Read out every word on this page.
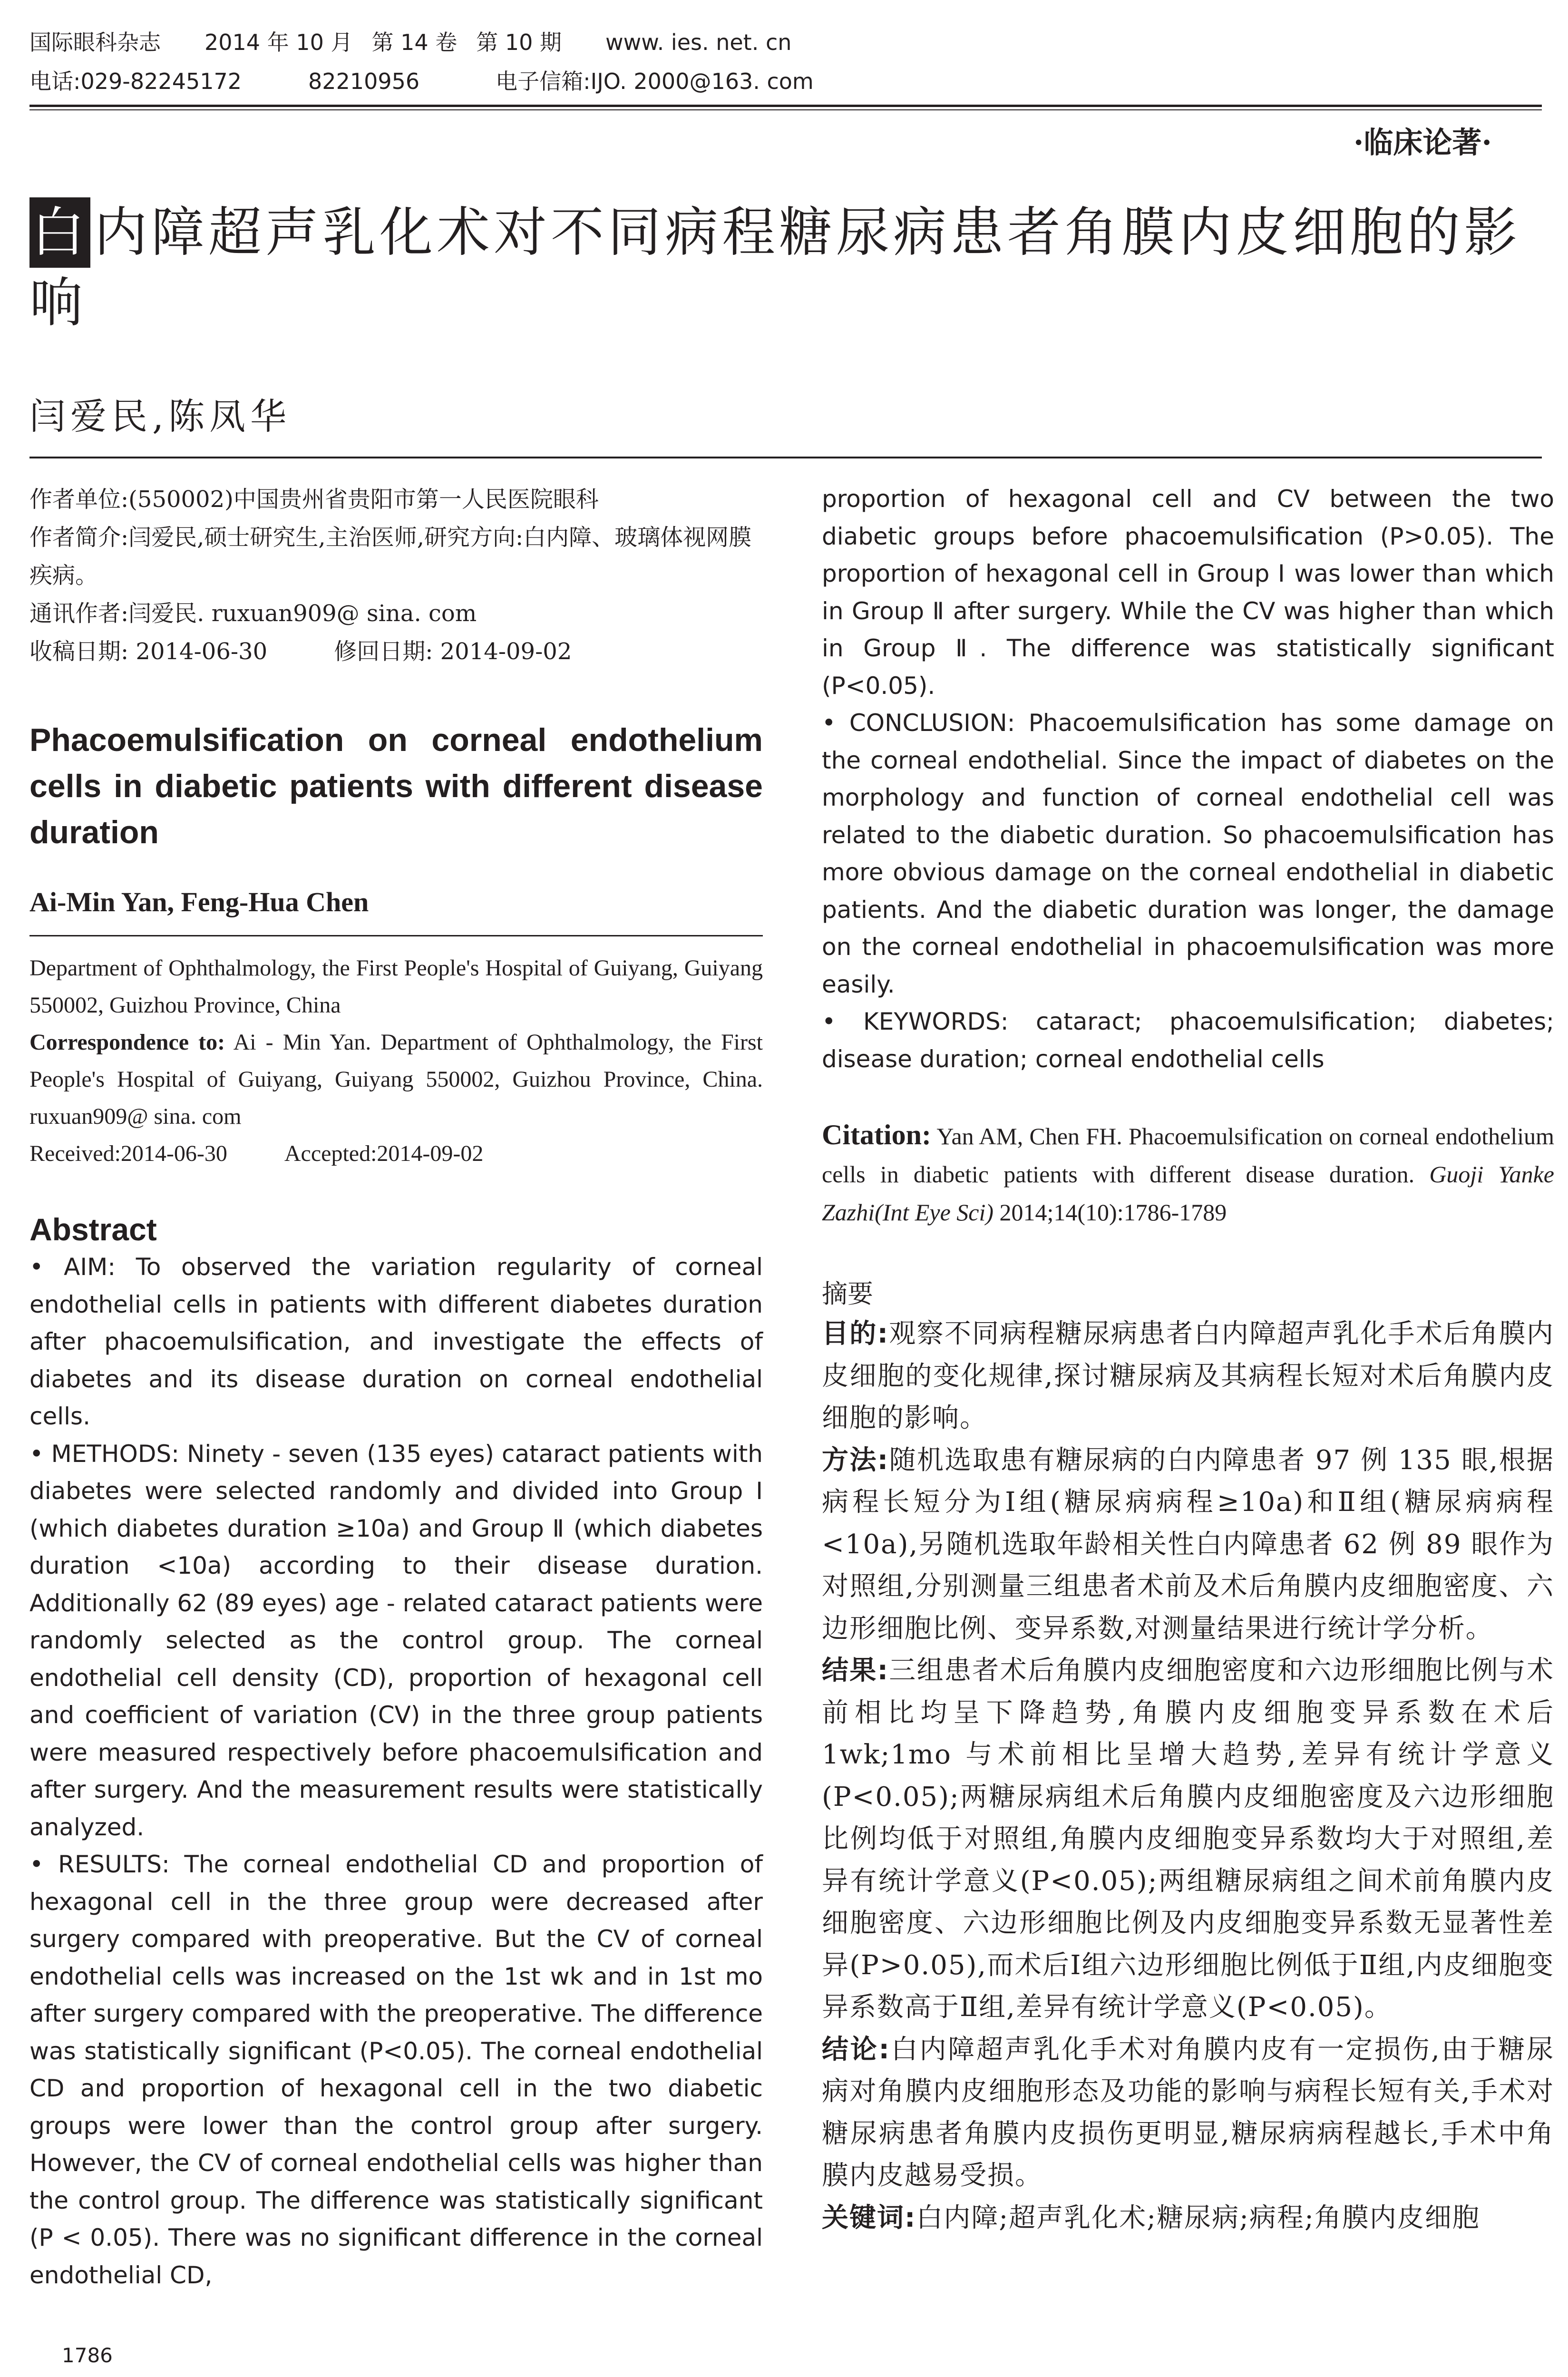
国际眼科杂志 2014 年 10 月 第 14 卷 第 10 期 www. ies. net. cn
电话:029-82245172	82210956	电子信箱:IJO. 2000@163. com
·临床论著·
白 内障超声乳化术对不同病程糖尿病患者角膜内皮细胞的影响
闫爱民,陈凤华

作者单位:(550002)中国贵州省贵阳市第一人民医院眼科

作者简介:闫爱民,硕士研究生,主治医师,研究方向:白内障、玻璃体视网膜疾病。

通讯作者:闫爱民. ruxuan909@ sina. com

收稿日期: 2014-06-30	修回日期: 2014-09-02

Phacoemulsification on corneal endothelium cells in diabetic patients with different disease duration
Ai-Min Yan, Feng-Hua Chen

Department of Ophthalmology, the First People's Hospital of Guiyang, Guiyang 550002, Guizhou Province, China

Correspondence to: Ai - Min Yan. Department of Ophthalmology, the First People's Hospital of Guiyang, Guiyang 550002, Guizhou Province, China. ruxuan909@ sina. com

Received:2014-06-30	Accepted:2014-09-02

Abstract

• AIM: To observed the variation regularity of corneal endothelial cells in patients with different diabetes duration after phacoemulsification, and investigate the effects of diabetes and its disease duration on corneal endothelial cells.

• METHODS: Ninety - seven (135 eyes) cataract patients with diabetes were selected randomly and divided into Group Ⅰ (which diabetes duration ≥10a) and Group Ⅱ (which diabetes duration <10a) according to their disease duration. Additionally 62 (89 eyes) age - related cataract patients were randomly selected as the control group. The corneal endothelial cell density (CD), proportion of hexagonal cell and coefficient of variation (CV) in the three group patients were measured respectively before phacoemulsification and after surgery. And the measurement results were statistically analyzed.

• RESULTS: The corneal endothelial CD and proportion of hexagonal cell in the three group were decreased after surgery compared with preoperative. But the CV of corneal endothelial cells was increased on the 1st wk and in 1st mo after surgery compared with the preoperative. The difference was statistically significant (P<0.05). The corneal endothelial CD and proportion of hexagonal cell in the two diabetic groups were lower than the control group after surgery. However, the CV of corneal endothelial cells was higher than the control group. The difference was statistically significant (P < 0.05). There was no significant difference in the corneal endothelial CD,

proportion of hexagonal cell and CV between the two diabetic groups before phacoemulsification (P>0.05). The proportion of hexagonal cell in Group Ⅰ was lower than which in Group Ⅱ after surgery. While the CV was higher than which in Group Ⅱ. The difference was statistically significant (P<0.05).

• CONCLUSION: Phacoemulsification has some damage on the corneal endothelial. Since the impact of diabetes on the morphology and function of corneal endothelial cell was related to the diabetic duration. So phacoemulsification has more obvious damage on the corneal endothelial in diabetic patients. And the diabetic duration was longer, the damage on the corneal endothelial in phacoemulsification was more easily.

• KEYWORDS: cataract; phacoemulsification; diabetes; disease duration; corneal endothelial cells

Citation: Yan AM, Chen FH. Phacoemulsification on corneal endothelium cells in diabetic patients with different disease duration. Guoji Yanke Zazhi(Int Eye Sci) 2014;14(10):1786-1789
摘要

目的:观察不同病程糖尿病患者白内障超声乳化手术后角膜内皮细胞的变化规律,探讨糖尿病及其病程长短对术后角膜内皮细胞的影响。

方法:随机选取患有糖尿病的白内障患者 97 例 135 眼,根据病程长短分为Ⅰ组(糖尿病病程≥10a)和Ⅱ组(糖尿病病程<10a),另随机选取年龄相关性白内障患者 62 例 89 眼作为对照组,分别测量三组患者术前及术后角膜内皮细胞密度、六边形细胞比例、变异系数,对测量结果进行统计学分析。

结果:三组患者术后角膜内皮细胞密度和六边形细胞比例与术前相比均呈下降趋势,角膜内皮细胞变异系数在术后 1wk;1mo 与术前相比呈增大趋势,差异有统计学意义(P<0.05);两糖尿病组术后角膜内皮细胞密度及六边形细胞比例均低于对照组,角膜内皮细胞变异系数均大于对照组,差异有统计学意义(P<0.05);两组糖尿病组之间术前角膜内皮细胞密度、六边形细胞比例及内皮细胞变异系数无显著性差异(P>0.05),而术后Ⅰ组六边形细胞比例低于Ⅱ组,内皮细胞变异系数高于Ⅱ组,差异有统计学意义(P<0.05)。

结论:白内障超声乳化手术对角膜内皮有一定损伤,由于糖尿病对角膜内皮细胞形态及功能的影响与病程长短有关,手术对糖尿病患者角膜内皮损伤更明显,糖尿病病程越长,手术中角膜内皮越易受损。

关键词:白内障;超声乳化术;糖尿病;病程;角膜内皮细胞

1786
